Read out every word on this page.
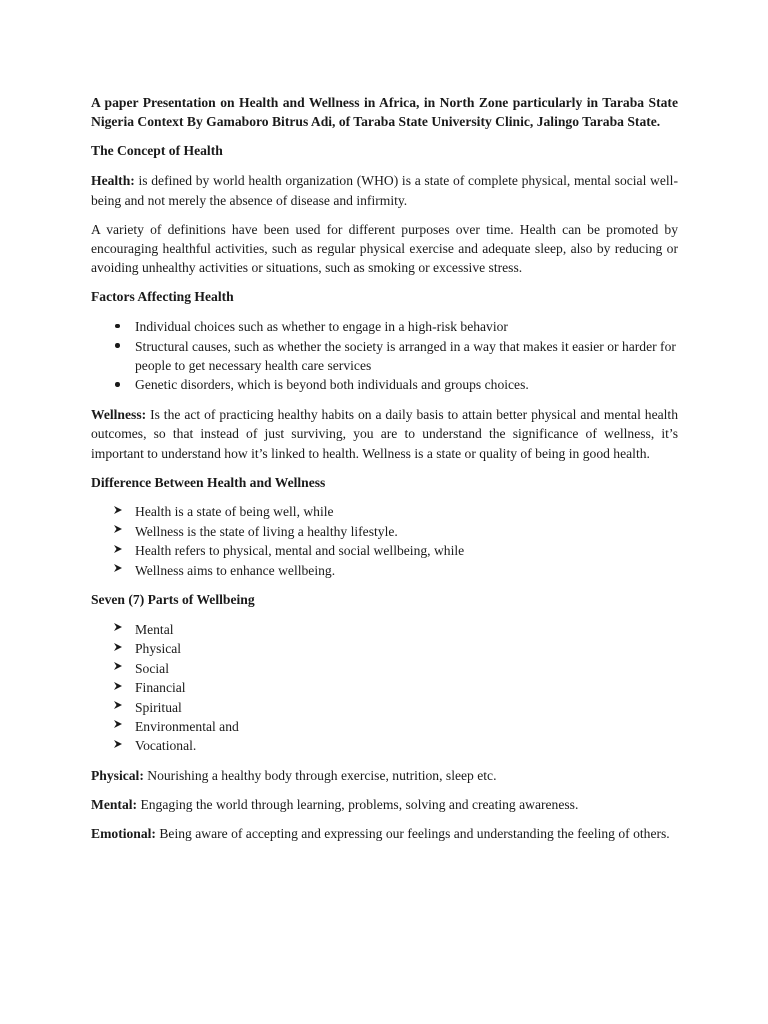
A paper Presentation on Health and Wellness in Africa, in North Zone particularly in Taraba State Nigeria Context By Gamaboro Bitrus Adi, of Taraba State University Clinic, Jalingo Taraba State.

The Concept of Health

Health: is defined by world health organization (WHO) is a state of complete physical, mental social well-being and not merely the absence of disease and infirmity.

A variety of definitions have been used for different purposes over time. Health can be promoted by encouraging healthful activities, such as regular physical exercise and adequate sleep, also by reducing or avoiding unhealthy activities or situations, such as smoking or excessive stress.

Factors Affecting Health

Individual choices such as whether to engage in a high-risk behavior
Structural causes, such as whether the society is arranged in a way that makes it easier or harder for people to get necessary health care services
Genetic disorders, which is beyond both individuals and groups choices.

Wellness: Is the act of practicing healthy habits on a daily basis to attain better physical and mental health outcomes, so that instead of just surviving, you are to understand the significance of wellness, it’s important to understand how it’s linked to health. Wellness is a state or quality of being in good health.

Difference Between Health and Wellness

Health is a state of being well, while
Wellness is the state of living a healthy lifestyle.
Health refers to physical, mental and social wellbeing, while
Wellness aims to enhance wellbeing.

Seven (7) Parts of Wellbeing

Mental
Physical
Social
Financial
Spiritual
Environmental and
Vocational.

Physical: Nourishing a healthy body through exercise, nutrition, sleep etc.

Mental: Engaging the world through learning, problems, solving and creating awareness.

Emotional: Being aware of accepting and expressing our feelings and understanding the feeling of others.
